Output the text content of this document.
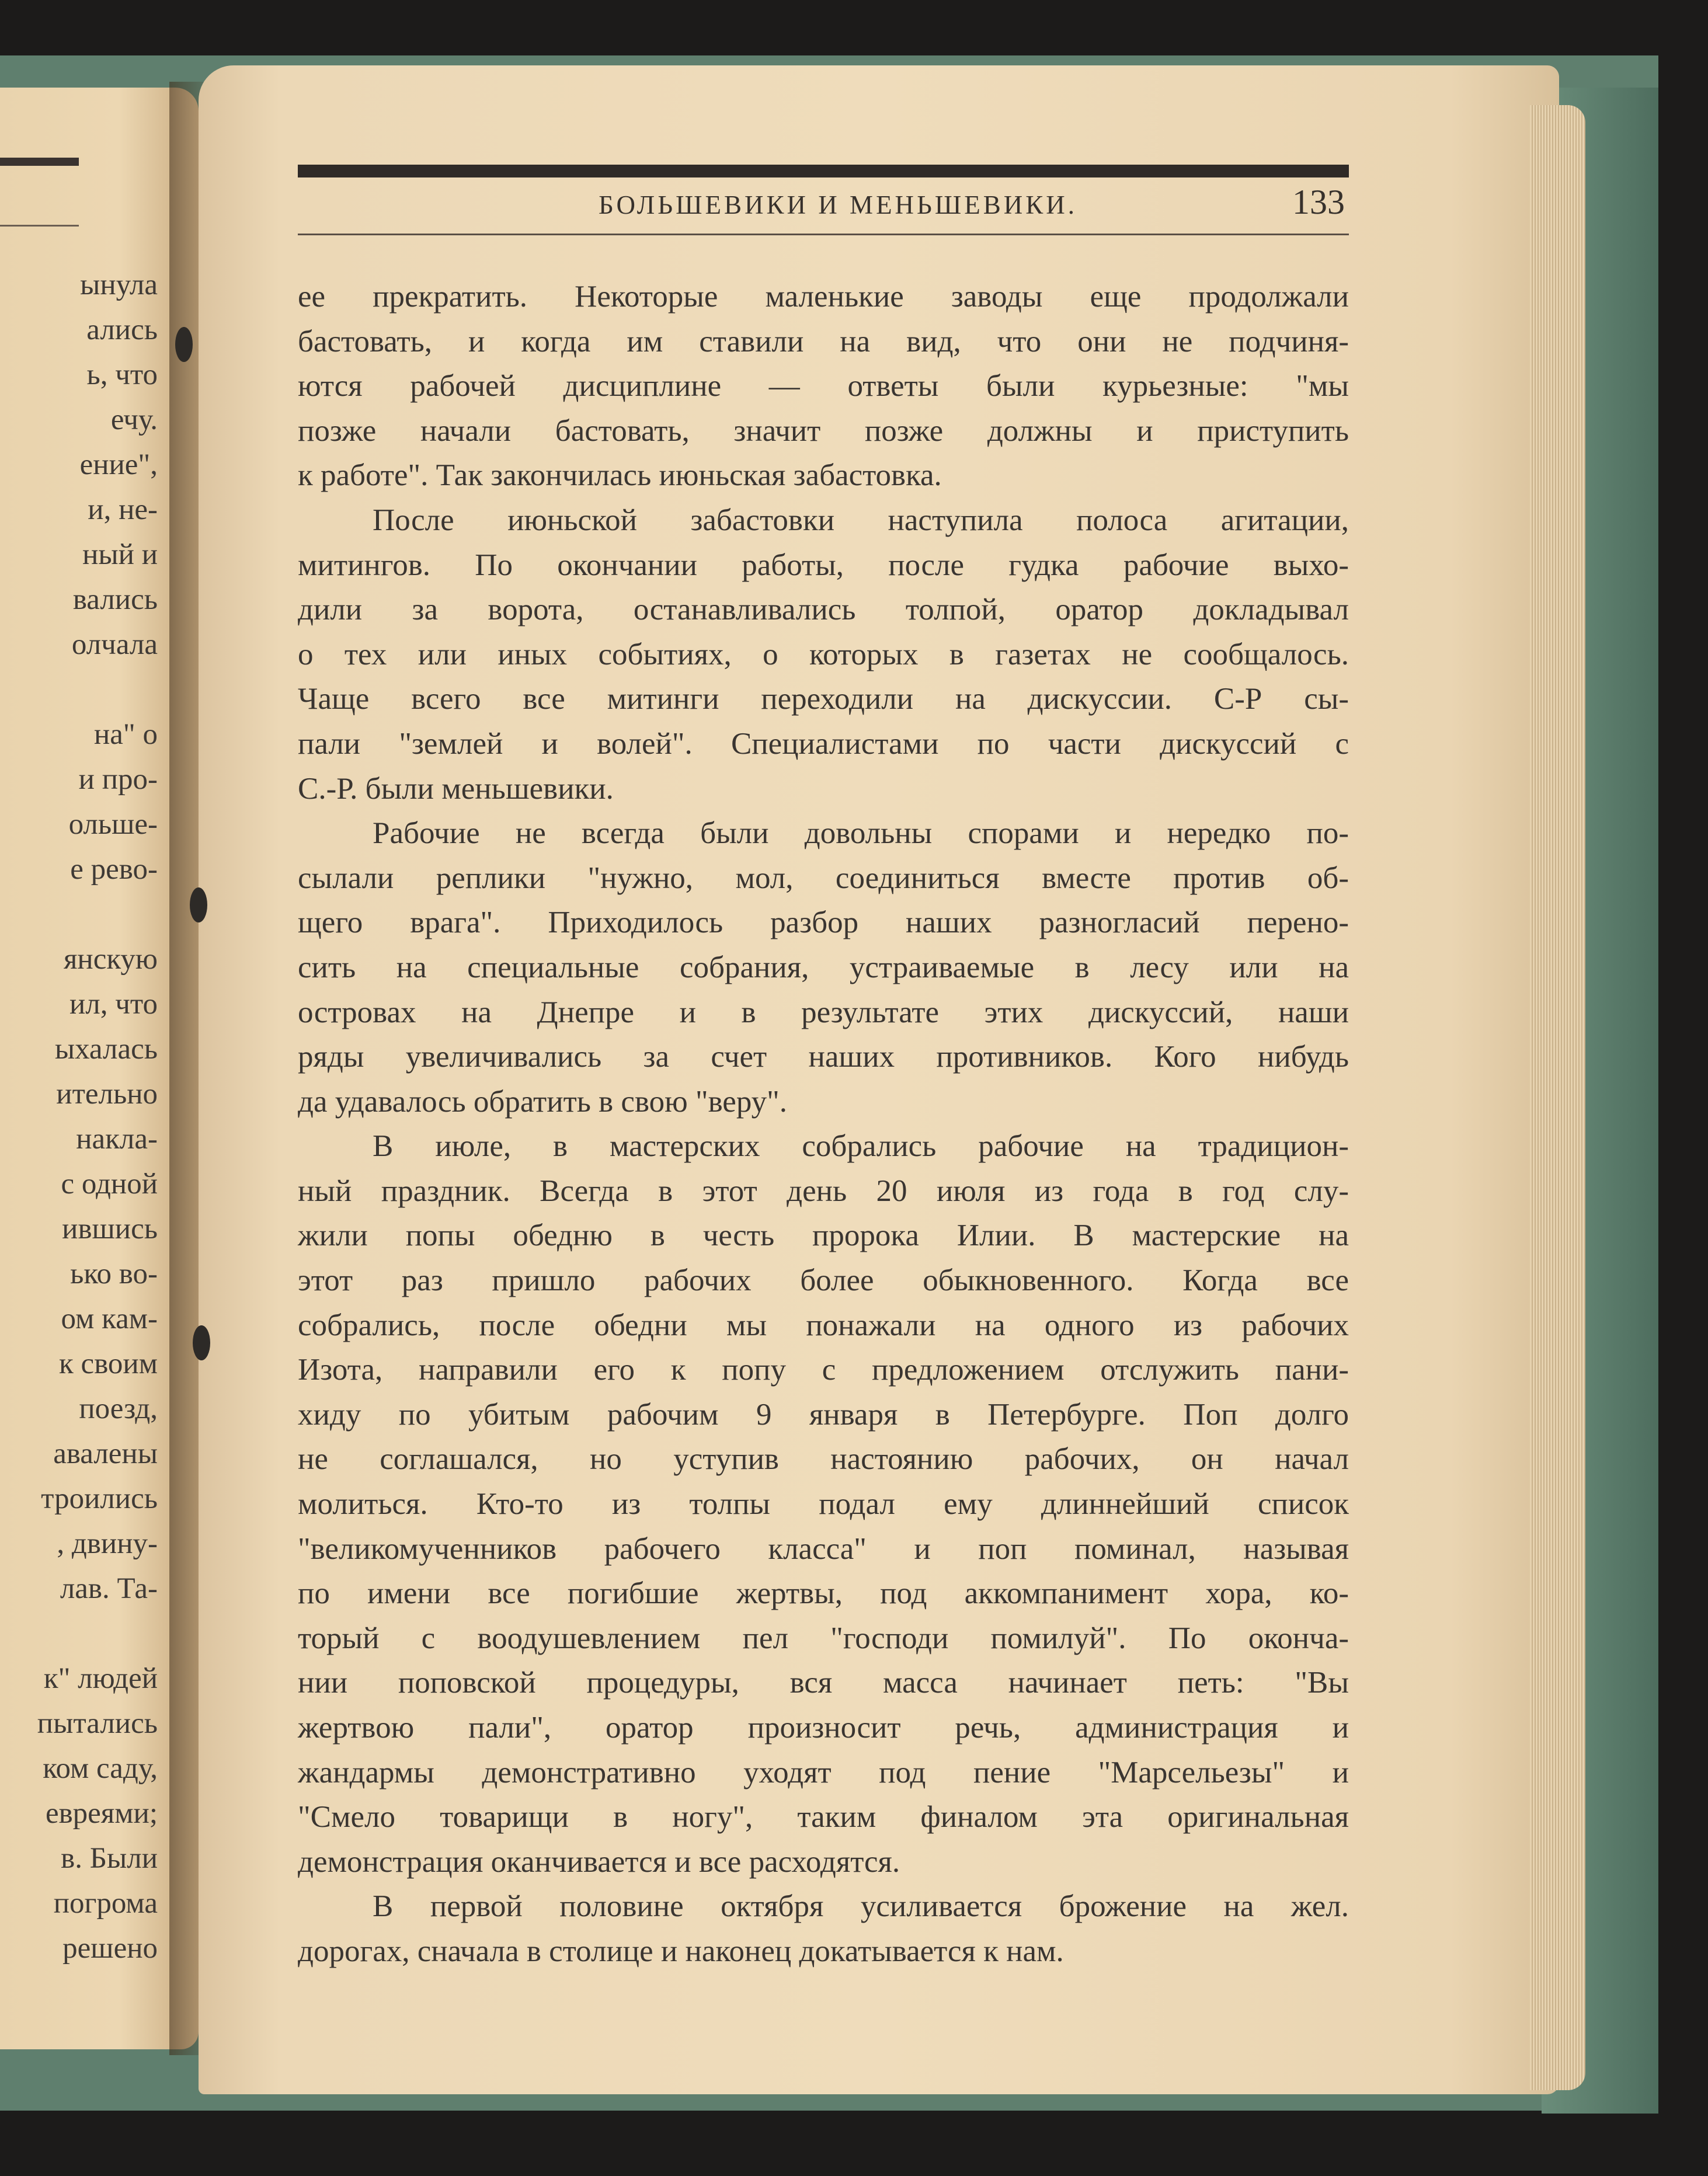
ынула
ались
ь, что
ечу.
ение",
и, не-
ный и
вались
олчала
на" о
и про-
ольше-
е рево-
янскую
ил, что
ыхалась
ительно
накла-
с одной
ившись
ько во-
ом кам-
к своим
поезд,
авалены
троились
, двину-
лав. Та-
к" людей
пытались
ком саду,
евреями;
в. Были
погрома
решено
БОЛЬШЕВИКИ И МЕНЬШЕВИКИ.	133
ее прекратить. Некоторые маленькие заводы еще продолжали
бастовать, и когда им ставили на вид, что они не подчиня-
ются рабочей дисциплине — ответы были курьезные: "мы
позже начали бастовать, значит позже должны и приступить
к работе". Так закончилась июньская забастовка.
После июньской забастовки наступила полоса агитации,
митингов. По окончании работы, после гудка рабочие выхо-
дили за ворота, останавливались толпой, оратор докладывал
о тех или иных событиях, о которых в газетах не сообщалось.
Чаще всего все митинги переходили на дискуссии. С-Р сы-
пали "землей и волей". Специалистами по части дискуссий с
С.-Р. были меньшевики.
Рабочие не всегда были довольны спорами и нередко по-
сылали реплики "нужно, мол, соединиться вместе против об-
щего врага". Приходилось разбор наших разногласий перено-
сить на специальные собрания, устраиваемые в лесу или на
островах на Днепре и в результате этих дискуссий, наши
ряды увеличивались за счет наших противников. Кого нибудь
да удавалось обратить в свою "веру".
В июле, в мастерских собрались рабочие на традицион-
ный праздник. Всегда в этот день 20 июля из года в год слу-
жили попы обедню в честь пророка Илии. В мастерские на
этот раз пришло рабочих более обыкновенного. Когда все
собрались, после обедни мы понажали на одного из рабочих
Изота, направили его к попу с предложением отслужить пани-
хиду по убитым рабочим 9 января в Петербурге. Поп долго
не соглашался, но уступив настоянию рабочих, он начал
молиться. Кто-то из толпы подал ему длиннейший список
"великомученников рабочего класса" и поп поминал, называя
по имени все погибшие жертвы, под аккомпанимент хора, ко-
торый с воодушевлением пел "господи помилуй". По оконча-
нии поповской процедуры, вся масса начинает петь: "Вы
жертвою пали", оратор произносит речь, администрация и
жандармы демонстративно уходят под пение "Марсельезы" и
"Смело товарищи в ногу", таким финалом эта оригинальная
демонстрация оканчивается и все расходятся.
В первой половине октября усиливается брожение на жел.
дорогах, сначала в столице и наконец докатывается к нам.
